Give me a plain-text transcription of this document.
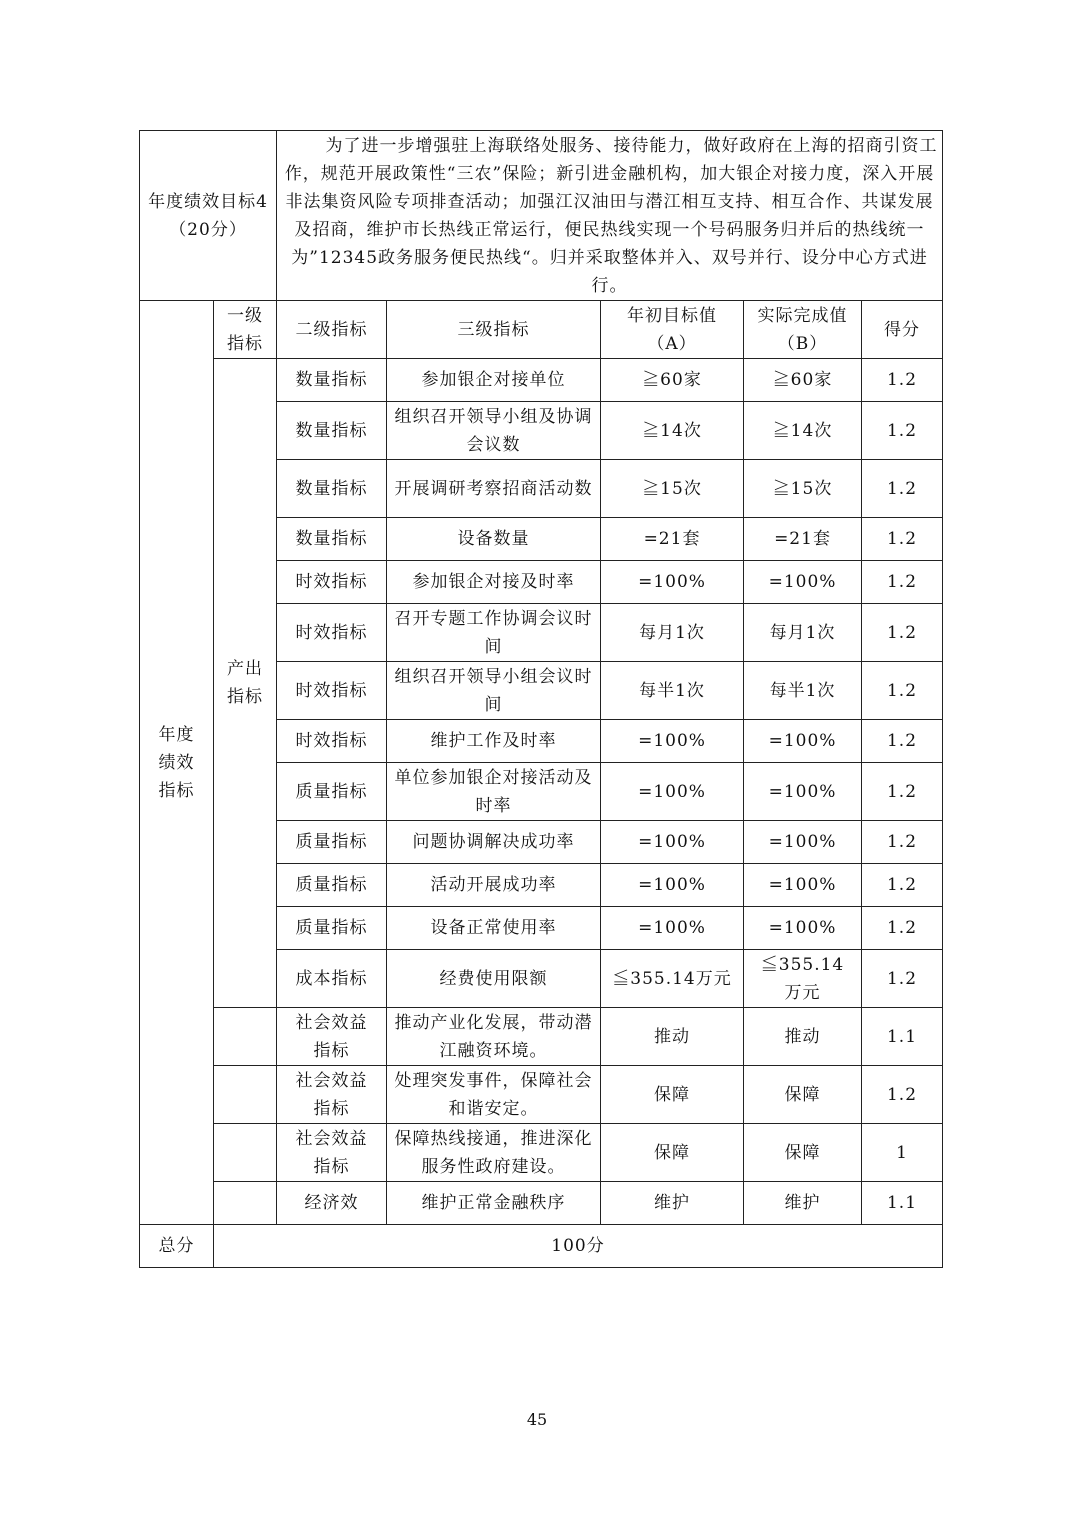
年度绩效目标4（20分）		为了进一步增强驻上海联络处服务、接待能力，做好政府在上海的招商引资工作，规范开展政策性“三农”保险；新引进金融机构，加大银企对接力度，深入开展非法集资风险专项排查活动；加强江汉油田与潜江相互支持、相互合作、共谋发展及招商，维护市长热线正常运行，便民热线实现一个号码服务归并后的热线统一为”12345政务服务便民热线“。归并采取整体并入、双号并行、设分中心方式进行。				

年度绩效指标	一级指标	二级指标	三级指标	年初目标值（A）	实际完成值（B）	得分

	产出指标	数量指标	参加银企对接单位	≧60家	≧60家	1.2
		数量指标	组织召开领导小组及协调会议数	≧14次	≧14次	1.2
		数量指标	开展调研考察招商活动数	≧15次	≧15次	1.2
		数量指标	设备数量	=21套	=21套	1.2
		时效指标	参加银企对接及时率	=100%	=100%	1.2
		时效指标	召开专题工作协调会议时间	每月1次	每月1次	1.2
		时效指标	组织召开领导小组会议时间	每半1次	每半1次	1.2
		时效指标	维护工作及时率	=100%	=100%	1.2
		质量指标	单位参加银企对接活动及时率	=100%	=100%	1.2
		质量指标	问题协调解决成功率	=100%	=100%	1.2
		质量指标	活动开展成功率	=100%	=100%	1.2
		质量指标	设备正常使用率	=100%	=100%	1.2
		成本指标	经费使用限额	≦355.14万元	≦355.14万元	1.2

		社会效益指标	推动产业化发展，带动潜江融资环境。	推动	推动	1.1

		社会效益指标	处理突发事件，保障社会和谐安定。	保障	保障	1.2

		社会效益指标	保障热线接通，推进深化服务性政府建设。	保障	保障	1
		经济效	维护正常金融秩序	维护	维护	1.1
总分	100分					
45
